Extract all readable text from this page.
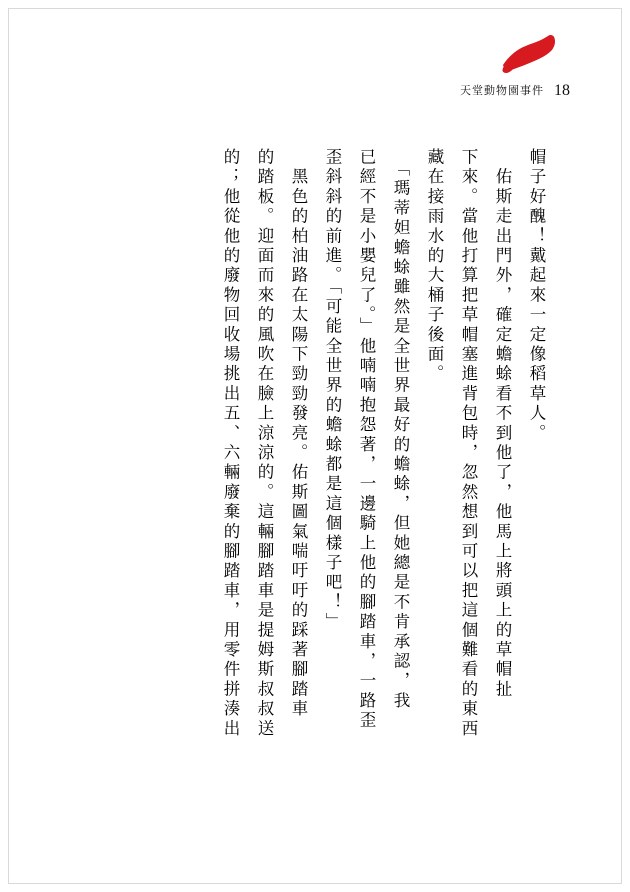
天堂動物園事件 18
帽子好醜！戴起來一定像稻草人。
　佑斯走出門外，確定蟾蜍看不到他了，他馬上將頭上的草帽扯
下來。當他打算把草帽塞進背包時，忽然想到可以把這個難看的東西
藏在接雨水的大桶子後面。
　「瑪蒂妲蟾蜍雖然是全世界最好的蟾蜍，但她總是不肯承認，我
已經不是小嬰兒了。」他喃喃抱怨著，一邊騎上他的腳踏車，一路歪
歪斜斜的前進。「可能全世界的蟾蜍都是這個樣子吧！」
　黑色的柏油路在太陽下勁勁發亮。佑斯圖氣喘吁吁的踩著腳踏車
的踏板。迎面而來的風吹在臉上涼涼的。這輛腳踏車是提姆斯叔叔送
的；他從他的廢物回收場挑出五、六輛廢棄的腳踏車，用零件拼湊出
